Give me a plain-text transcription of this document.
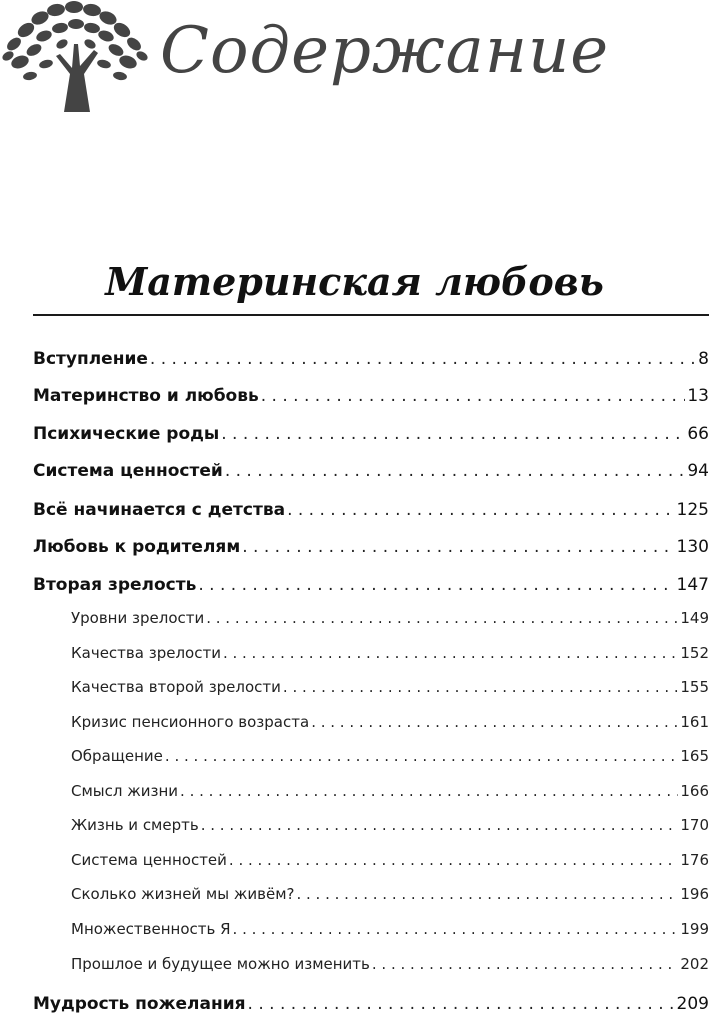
Содержание
Материнская любовь
Вступление . . .	8
Материнство и любовь . . .	13
Психические роды . . .	66
Система ценностей . . .	94
Всё начинается с детства . . .	125
Любовь к родителям . . .	130
Вторая зрелость . . .	147
Уровни зрелости . . .	149
Качества зрелости . . .	152
Качества второй зрелости . . .	155
Кризис пенсионного возраста . . .	161
Обращение . . .	165
Смысл жизни . . .	166
Жизнь и смерть . . .	170
Система ценностей . . .	176
Сколько жизней мы живём? . . .	196
Множественность Я . . .	199
Прошлое и будущее можно изменить . . .	202
Мудрость пожелания . . .	209
